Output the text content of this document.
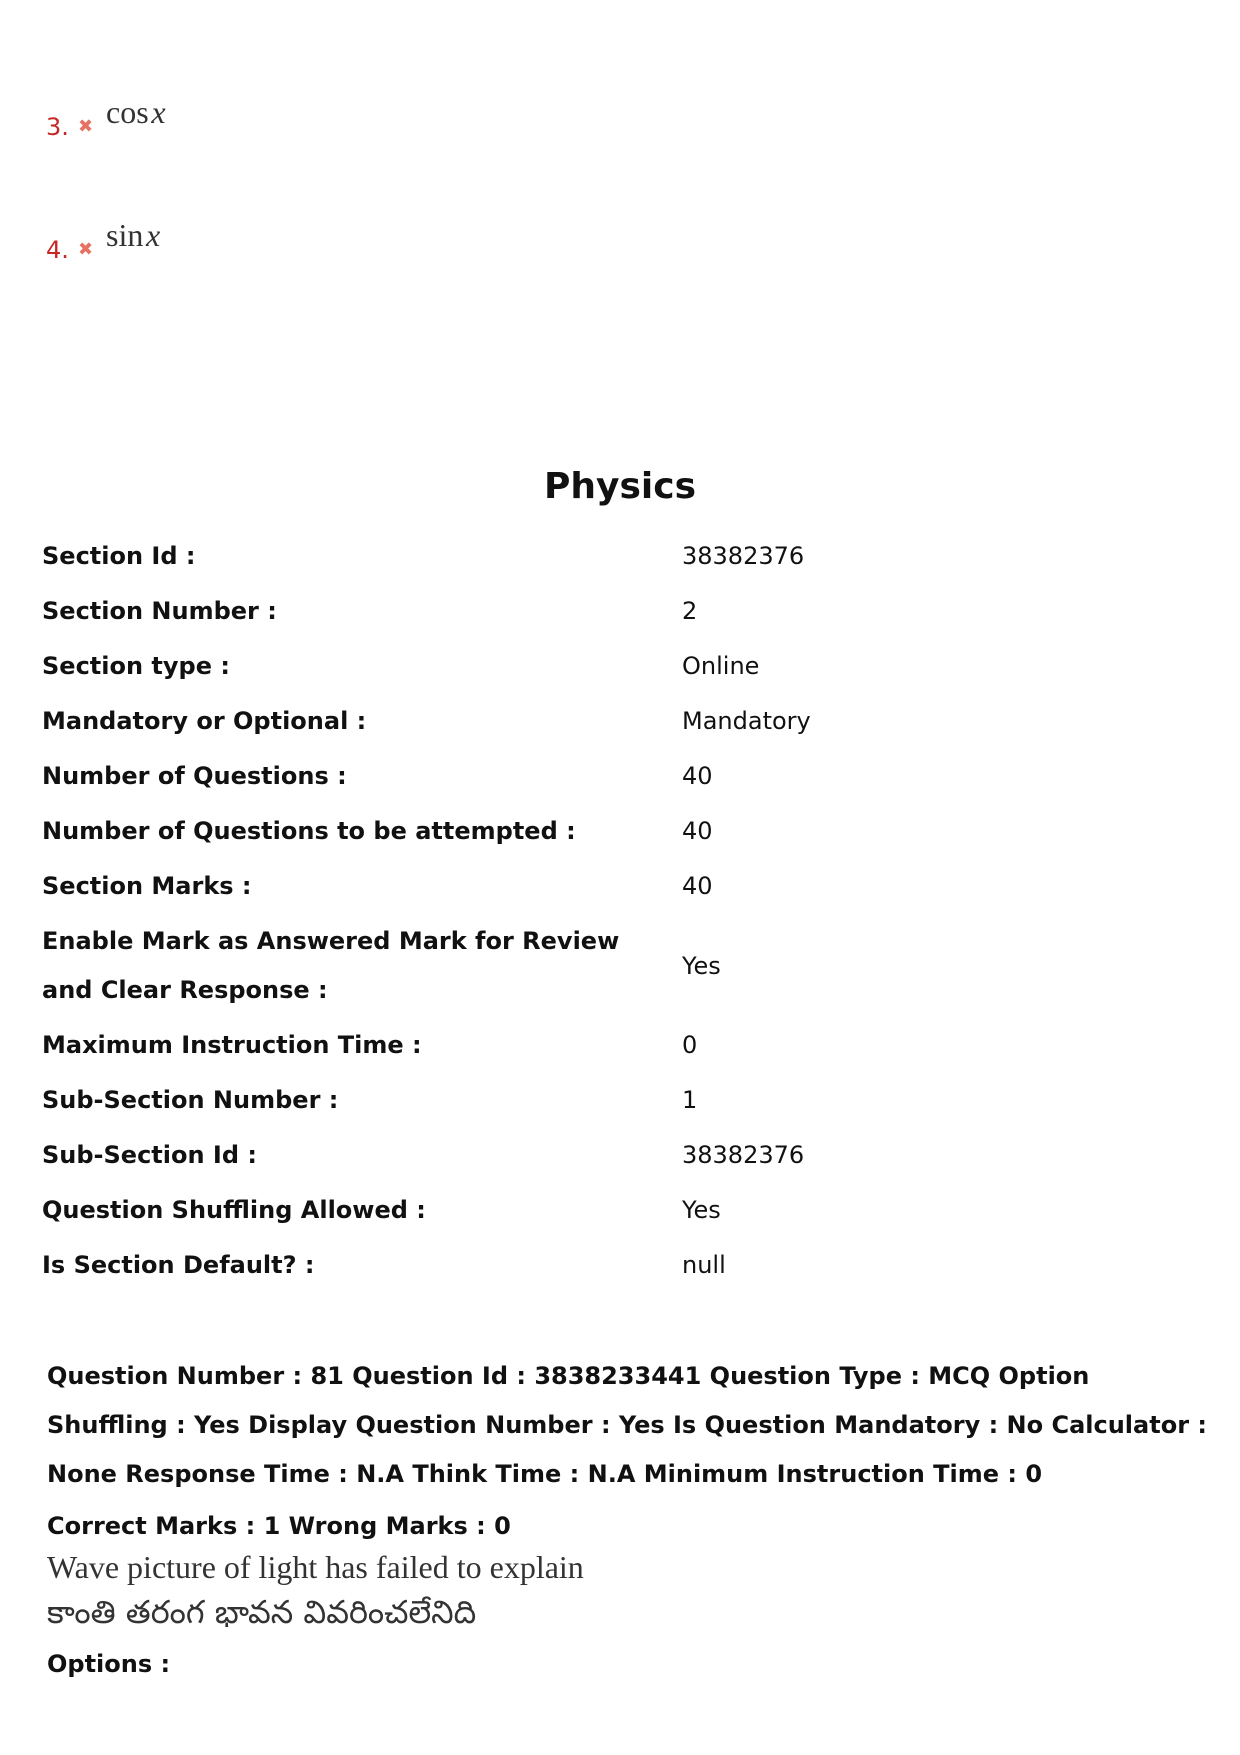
3. ✖ cos x
4. ✖ sin x
Physics
Section Id :	38382376
Section Number :	2
Section type :	Online
Mandatory or Optional :	Mandatory
Number of Questions :	40
Number of Questions to be attempted :	40
Section Marks :	40
Enable Mark as Answered Mark for Review and Clear Response :
Yes
Maximum Instruction Time :	0
Sub-Section Number :	1
Sub-Section Id :	38382376
Question Shuffling Allowed :	Yes
Is Section Default? :	null

Question Number : 81 Question Id : 3838233441 Question Type : MCQ Option Shuffling : Yes Display Question Number : Yes Is Question Mandatory : No Calculator : None Response Time : N.A Think Time : N.A Minimum Instruction Time : 0

Correct Marks : 1 Wrong Marks : 0

Wave picture of light has failed to explain

కాంతి తరంగ భావన వివరించలేనిది

Options :
